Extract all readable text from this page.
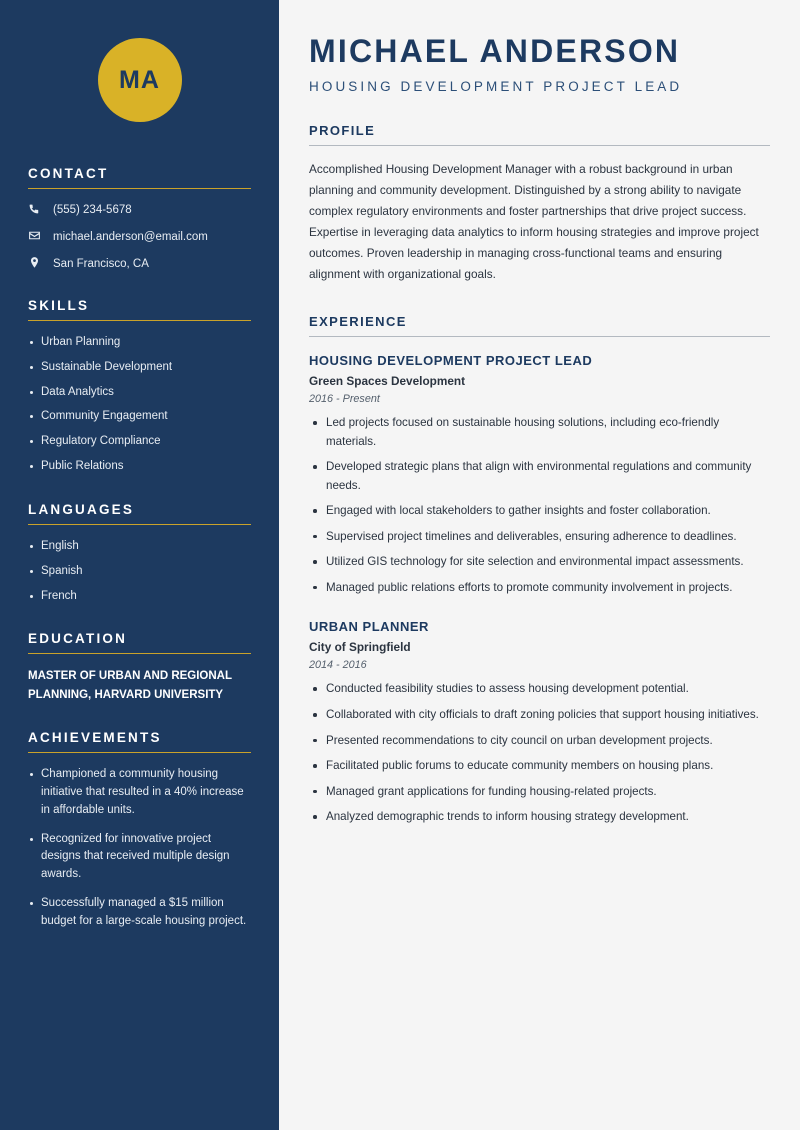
MA
CONTACT
(555) 234-5678
michael.anderson@email.com
San Francisco, CA
SKILLS
Urban Planning
Sustainable Development
Data Analytics
Community Engagement
Regulatory Compliance
Public Relations
LANGUAGES
English
Spanish
French
EDUCATION
MASTER OF URBAN AND REGIONAL PLANNING, HARVARD UNIVERSITY
ACHIEVEMENTS
Championed a community housing initiative that resulted in a 40% increase in affordable units.
Recognized for innovative project designs that received multiple design awards.
Successfully managed a $15 million budget for a large-scale housing project.
MICHAEL ANDERSON
HOUSING DEVELOPMENT PROJECT LEAD
PROFILE

Accomplished Housing Development Manager with a robust background in urban planning and community development. Distinguished by a strong ability to navigate complex regulatory environments and foster partnerships that drive project success. Expertise in leveraging data analytics to inform housing strategies and improve project outcomes. Proven leadership in managing cross-functional teams and ensuring alignment with organizational goals.

EXPERIENCE
HOUSING DEVELOPMENT PROJECT LEAD
Green Spaces Development
2016 - Present
Led projects focused on sustainable housing solutions, including eco-friendly materials.
Developed strategic plans that align with environmental regulations and community needs.
Engaged with local stakeholders to gather insights and foster collaboration.
Supervised project timelines and deliverables, ensuring adherence to deadlines.
Utilized GIS technology for site selection and environmental impact assessments.
Managed public relations efforts to promote community involvement in projects.
URBAN PLANNER
City of Springfield
2014 - 2016
Conducted feasibility studies to assess housing development potential.
Collaborated with city officials to draft zoning policies that support housing initiatives.
Presented recommendations to city council on urban development projects.
Facilitated public forums to educate community members on housing plans.
Managed grant applications for funding housing-related projects.
Analyzed demographic trends to inform housing strategy development.
